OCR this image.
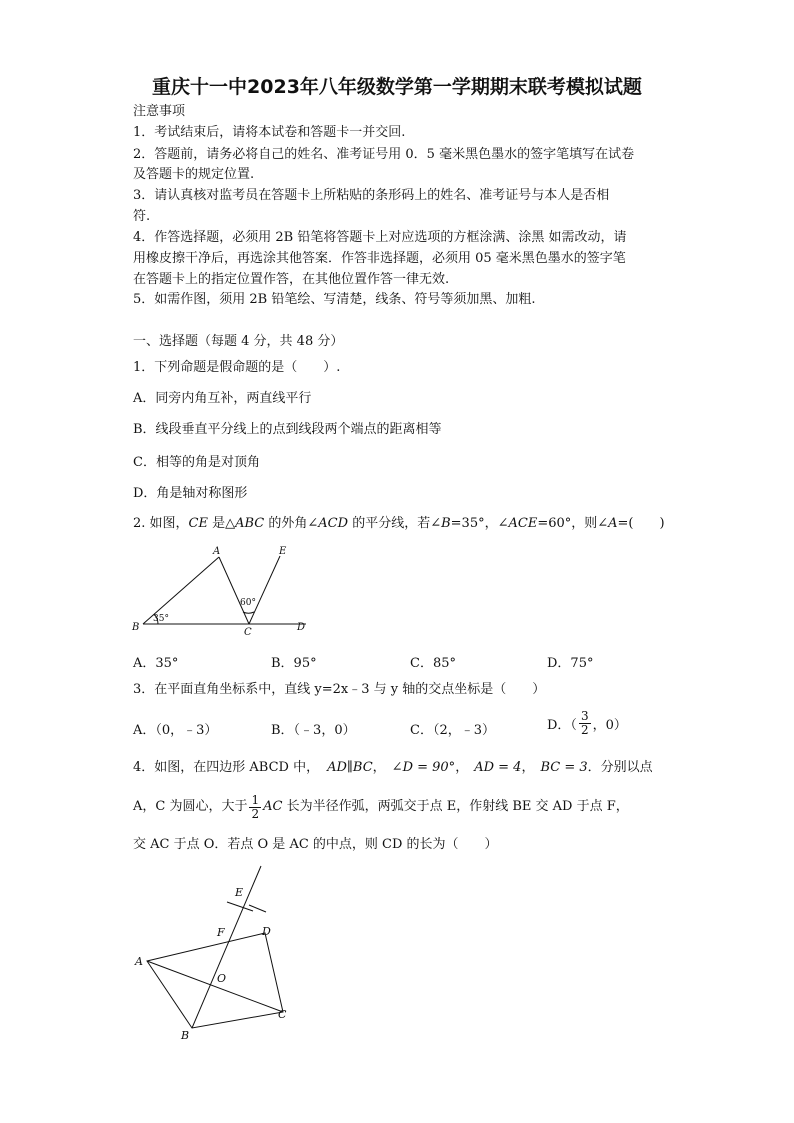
重庆十一中2023年八年级数学第一学期期末联考模拟试题
注意事项
1．考试结束后，请将本试卷和答题卡一并交回.
2．答题前，请务必将自己的姓名、准考证号用 0．5 毫米黑色墨水的签字笔填写在试卷
及答题卡的规定位置.
3．请认真核对监考员在答题卡上所粘贴的条形码上的姓名、准考证号与本人是否相
符.
4．作答选择题，必须用 2B 铅笔将答题卡上对应选项的方框涂满、涂黑 如需改动，请
用橡皮擦干净后，再选涂其他答案．作答非选择题，必须用 05 毫米黑色墨水的签字笔
在答题卡上的指定位置作答，在其他位置作答一律无效.
5．如需作图，须用 2B 铅笔绘、写清楚，线条、符号等须加黑、加粗.
一、选择题（每题 4 分，共 48 分）
1．下列命题是假命题的是（　　）.
A．同旁内角互补，两直线平行
B．线段垂直平分线上的点到线段两个端点的距离相等
C．相等的角是对顶角
D．角是轴对称图形
2. 如图，CE 是△ABC 的外角∠ACD 的平分线，若∠B=35°，∠ACE=60°，则∠A=(　　)
A
B	C	D
E
35°
60°
A．35°	B．95°	C．85°	D．75°
3．在平面直角坐标系中，直线 y=2x﹣3 与 y 轴的交点坐标是（　　）
A．（0，﹣3）	B．（﹣3，0）	C．（2，﹣3）	D．（ $\frac{3}{2}$ ，0）
4．如图，在四边形 ABCD 中， AD∥BC， ∠D = 90°， AD = 4， BC = 3．分别以点
A，C 为圆心，大于 $\frac{1}{2}$ AC 长为半径作弧，两弧交于点 E，作射线 BE 交 AD 于点 F，
交 AC 于点 O．若点 O 是 AC 的中点，则 CD 的长为（　　）
A
B
C
D
E
F
O
